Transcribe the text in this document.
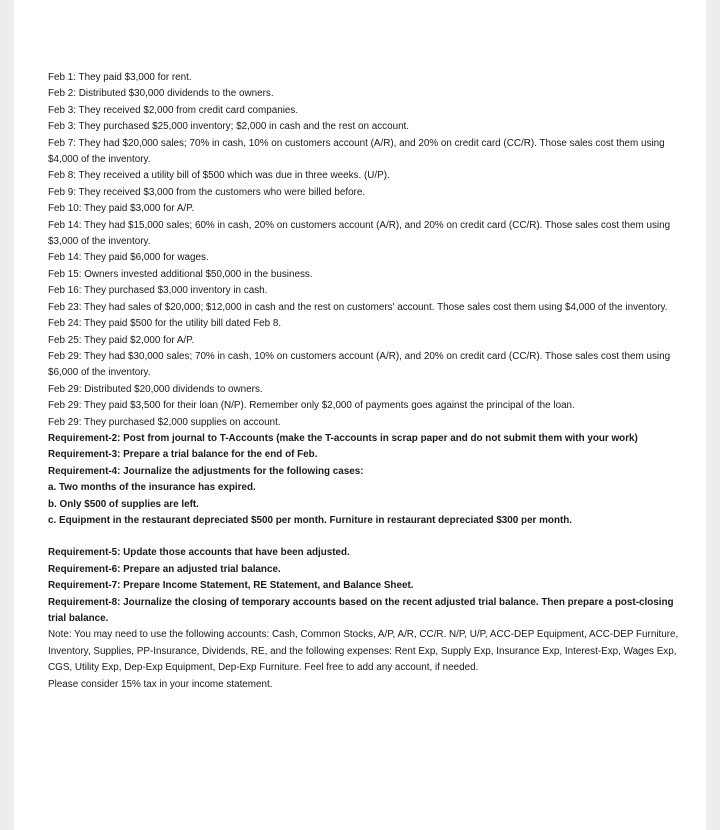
Feb 1: They paid $3,000 for rent.

Feb 2: Distributed $30,000 dividends to the owners.

Feb 3: They received $2,000 from credit card companies.

Feb 3: They purchased $25,000 inventory; $2,000 in cash and the rest on account.

Feb 7: They had $20,000 sales; 70% in cash, 10% on customers account (A/R), and 20% on credit card (CC/R). Those sales cost them using $4,000 of the inventory.

Feb 8: They received a utility bill of $500 which was due in three weeks. (U/P).

Feb 9: They received $3,000 from the customers who were billed before.

Feb 10: They paid $3,000 for A/P.

Feb 14: They had $15,000 sales; 60% in cash, 20% on customers account (A/R), and 20% on credit card (CC/R). Those sales cost them using $3,000 of the inventory.

Feb 14: They paid $6,000 for wages.

Feb 15: Owners invested additional $50,000 in the business.

Feb 16: They purchased $3,000 inventory in cash.

Feb 23: They had sales of $20,000; $12,000 in cash and the rest on customers' account. Those sales cost them using $4,000 of the inventory.

Feb 24: They paid $500 for the utility bill dated Feb 8.

Feb 25: They paid $2,000 for A/P.

Feb 29: They had $30,000 sales; 70% in cash, 10% on customers account (A/R), and 20% on credit card (CC/R). Those sales cost them using $6,000 of the inventory.

Feb 29: Distributed $20,000 dividends to owners.

Feb 29: They paid $3,500 for their loan (N/P). Remember only $2,000 of payments goes against the principal of the loan.

Feb 29: They purchased $2,000 supplies on account.

Requirement-2: Post from journal to T-Accounts (make the T-accounts in scrap paper and do not submit them with your work)

Requirement-3: Prepare a trial balance for the end of Feb.

Requirement-4: Journalize the adjustments for the following cases:

a. Two months of the insurance has expired.

b. Only $500 of supplies are left.

c. Equipment in the restaurant depreciated $500 per month. Furniture in restaurant depreciated $300 per month.

Requirement-5: Update those accounts that have been adjusted.

Requirement-6: Prepare an adjusted trial balance.

Requirement-7: Prepare Income Statement, RE Statement, and Balance Sheet.

Requirement-8: Journalize the closing of temporary accounts based on the recent adjusted trial balance. Then prepare a post-closing trial balance.

Note: You may need to use the following accounts: Cash, Common Stocks, A/P, A/R, CC/R. N/P, U/P, ACC-DEP Equipment, ACC-DEP Furniture, Inventory, Supplies, PP-Insurance, Dividends, RE, and the following expenses: Rent Exp, Supply Exp, Insurance Exp, Interest-Exp, Wages Exp, CGS, Utility Exp, Dep-Exp Equipment, Dep-Exp Furniture. Feel free to add any account, if needed.

Please consider 15% tax in your income statement.
